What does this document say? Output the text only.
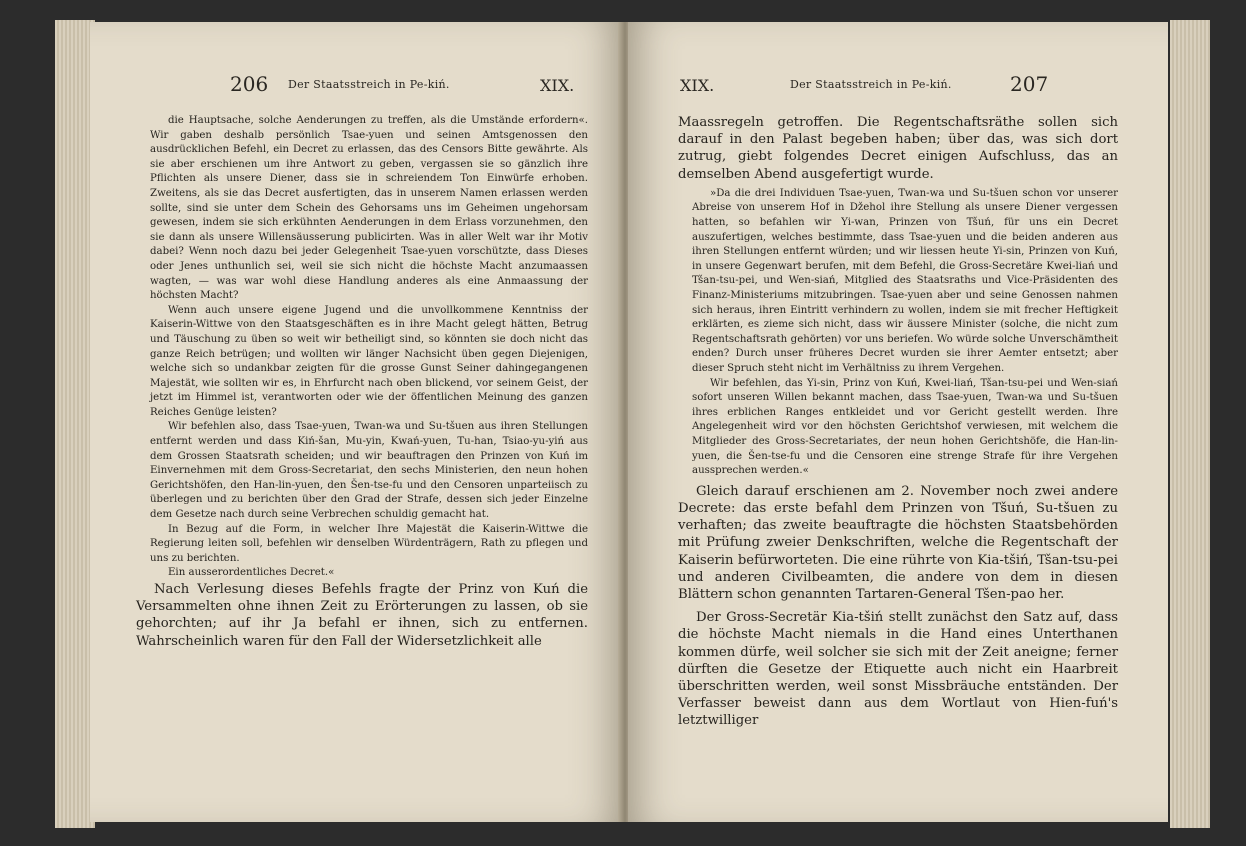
206 Der Staatsstreich in Pe-kiń.	XIX.	XIX.	Der Staatsstreich in Pe-kiń.	207

die Hauptsache, solche Aenderungen zu treffen, als die Umstände erfordern«. Wir gaben deshalb persönlich Tsae-yuen und seinen Amtsgenossen den ausdrücklichen Befehl, ein Decret zu erlassen, das des Censors Bitte gewährte. Als sie aber erschienen um ihre Antwort zu geben, vergassen sie so gänzlich ihre Pflichten als unsere Diener, dass sie in schreiendem Ton Einwürfe erhoben. Zweitens, als sie das Decret ausfertigten, das in unserem Namen erlassen werden sollte, sind sie unter dem Schein des Gehorsams uns im Geheimen ungehorsam gewesen, indem sie sich erkühnten Aenderungen in dem Erlass vorzunehmen, den sie dann als unsere Willensäusserung publicirten. Was in aller Welt war ihr Motiv dabei? Wenn noch dazu bei jeder Gelegenheit Tsae-yuen vorschützte, dass Dieses oder Jenes unthunlich sei, weil sie sich nicht die höchste Macht anzumaassen wagten, — was war wohl diese Handlung anderes als eine Anmaassung der höchsten Macht?

Wenn auch unsere eigene Jugend und die unvollkommene Kenntniss der Kaiserin-Wittwe von den Staatsgeschäften es in ihre Macht gelegt hätten, Betrug und Täuschung zu üben so weit wir betheiligt sind, so könnten sie doch nicht das ganze Reich betrügen; und wollten wir länger Nachsicht üben gegen Diejenigen, welche sich so undankbar zeigten für die grosse Gunst Seiner dahingegangenen Majestät, wie sollten wir es, in Ehrfurcht nach oben blickend, vor seinem Geist, der jetzt im Himmel ist, verantworten oder wie der öffentlichen Meinung des ganzen Reiches Genüge leisten?

Wir befehlen also, dass Tsae-yuen, Twan-wa und Su-tšuen aus ihren Stellungen entfernt werden und dass Kiń-šan, Mu-yin, Kwań-yuen, Tu-han, Tsiao-yu-yiń aus dem Grossen Staatsrath scheiden; und wir beauftragen den Prinzen von Kuń im Einvernehmen mit dem Gross-Secretariat, den sechs Ministerien, den neun hohen Gerichtshöfen, den Han-lin-yuen, den Šen-tse-fu und den Censoren unparteiisch zu überlegen und zu berichten über den Grad der Strafe, dessen sich jeder Einzelne dem Gesetze nach durch seine Verbrechen schuldig gemacht hat.

In Bezug auf die Form, in welcher Ihre Majestät die Kaiserin-Wittwe die Regierung leiten soll, befehlen wir denselben Würdenträgern, Rath zu pflegen und uns zu berichten.

Ein ausserordentliches Decret.«

Nach Verlesung dieses Befehls fragte der Prinz von Kuń die Versammelten ohne ihnen Zeit zu Erörterungen zu lassen, ob sie gehorchten; auf ihr Ja befahl er ihnen, sich zu entfernen. Wahrscheinlich waren für den Fall der Widersetzlichkeit alle

Maassregeln getroffen. Die Regentschaftsräthe sollen sich darauf in den Palast begeben haben; über das, was sich dort zutrug, giebt folgendes Decret einigen Aufschluss, das an demselben Abend ausgefertigt wurde.

»Da die drei Individuen Tsae-yuen, Twan-wa und Su-tšuen schon vor unserer Abreise von unserem Hof in Džehol ihre Stellung als unsere Diener vergessen hatten, so befahlen wir Yi-wan, Prinzen von Tšuń, für uns ein Decret auszufertigen, welches bestimmte, dass Tsae-yuen und die beiden anderen aus ihren Stellungen entfernt würden; und wir liessen heute Yi-sin, Prinzen von Kuń, in unsere Gegenwart berufen, mit dem Befehl, die Gross-Secretäre Kwei-liań und Tšan-tsu-pei, und Wen-siań, Mitglied des Staatsraths und Vice-Präsidenten des Finanz-Ministeriums mitzubringen. Tsae-yuen aber und seine Genossen nahmen sich heraus, ihren Eintritt verhindern zu wollen, indem sie mit frecher Heftigkeit erklärten, es zieme sich nicht, dass wir äussere Minister (solche, die nicht zum Regentschaftsrath gehörten) vor uns beriefen. Wo würde solche Unverschämtheit enden? Durch unser früheres Decret wurden sie ihrer Aemter entsetzt; aber dieser Spruch steht nicht im Verhältniss zu ihrem Vergehen.

Wir befehlen, das Yi-sin, Prinz von Kuń, Kwei-liań, Tšan-tsu-pei und Wen-siań sofort unseren Willen bekannt machen, dass Tsae-yuen, Twan-wa und Su-tšuen ihres erblichen Ranges entkleidet und vor Gericht gestellt werden. Ihre Angelegenheit wird vor den höchsten Gerichtshof verwiesen, mit welchem die Mitglieder des Gross-Secretariates, der neun hohen Gerichtshöfe, die Han-lin-yuen, die Šen-tse-fu und die Censoren eine strenge Strafe für ihre Vergehen aussprechen werden.«

Gleich darauf erschienen am 2. November noch zwei andere Decrete: das erste befahl dem Prinzen von Tšuń, Su-tšuen zu verhaften; das zweite beauftragte die höchsten Staatsbehörden mit Prüfung zweier Denkschriften, welche die Regentschaft der Kaiserin befürworteten. Die eine rührte von Kia-tšiń, Tšan-tsu-pei und anderen Civilbeamten, die andere von dem in diesen Blättern schon genannten Tartaren-General Tšen-pao her.

Der Gross-Secretär Kia-tšiń stellt zunächst den Satz auf, dass die höchste Macht niemals in die Hand eines Unterthanen kommen dürfe, weil solcher sie sich mit der Zeit aneigne; ferner dürften die Gesetze der Etiquette auch nicht ein Haarbreit überschritten werden, weil sonst Missbräuche entständen. Der Verfasser beweist dann aus dem Wortlaut von Hien-fuń's letztwilliger
